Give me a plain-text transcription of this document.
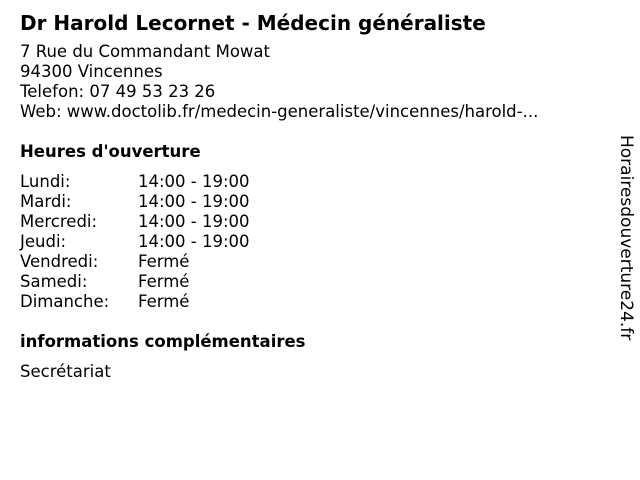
Dr Harold Lecornet - Médecin généraliste
7 Rue du Commandant Mowat
94300 Vincennes
Telefon: 07 49 53 23 26
Web: www.doctolib.fr/medecin-generaliste/vincennes/harold-...
Heures d'ouverture
Lundi:	14:00 - 19:00
Mardi:	14:00 - 19:00
Mercredi:	14:00 - 19:00
Jeudi:	14:00 - 19:00
Vendredi:	Fermé
Samedi:	Fermé
Dimanche:	Fermé
informations complémentaires
Secrétariat
Horairesdouverture24.fr
